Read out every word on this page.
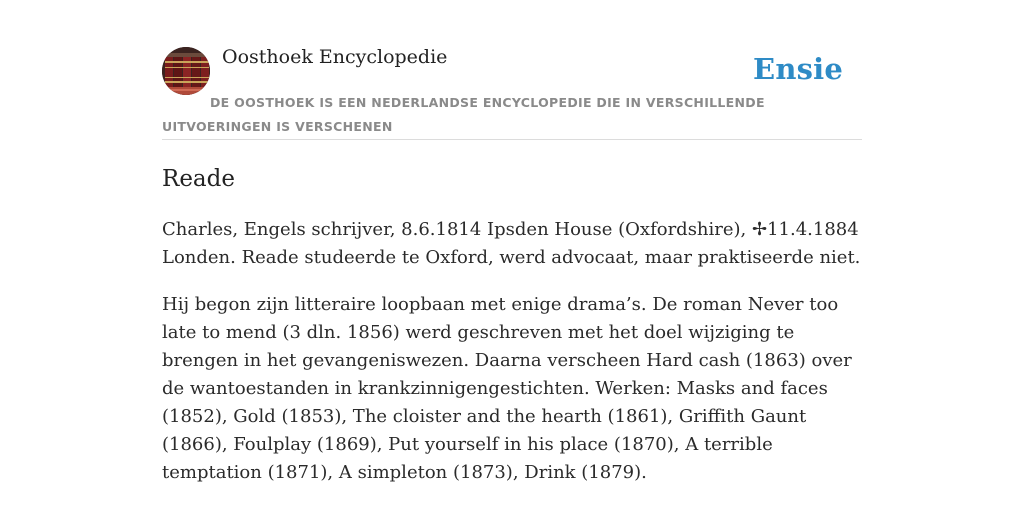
Oosthoek Encyclopedie	Ensie
DE OOSTHOEK IS EEN NEDERLANDSE ENCYCLOPEDIE DIE IN VERSCHILLENDE UITVOERINGEN IS VERSCHENEN
Reade

Charles, Engels schrijver, 8.6.1814 Ipsden House (Oxfordshire), ✢11.4.1884 Londen. Reade studeerde te Oxford, werd advocaat, maar praktiseerde niet.

Hij begon zijn litteraire loopbaan met enige drama’s. De roman Never too late to mend (3 dln. 1856) werd geschreven met het doel wijziging te brengen in het gevangeniswezen. Daarna verscheen Hard cash (1863) over de wantoestanden in krankzinnigengestichten. Werken: Masks and faces (1852), Gold (1853), The cloister and the hearth (1861), Griffith Gaunt (1866), Foulplay (1869), Put yourself in his place (1870), A terrible temptation (1871), A simpleton (1873), Drink (1879).
